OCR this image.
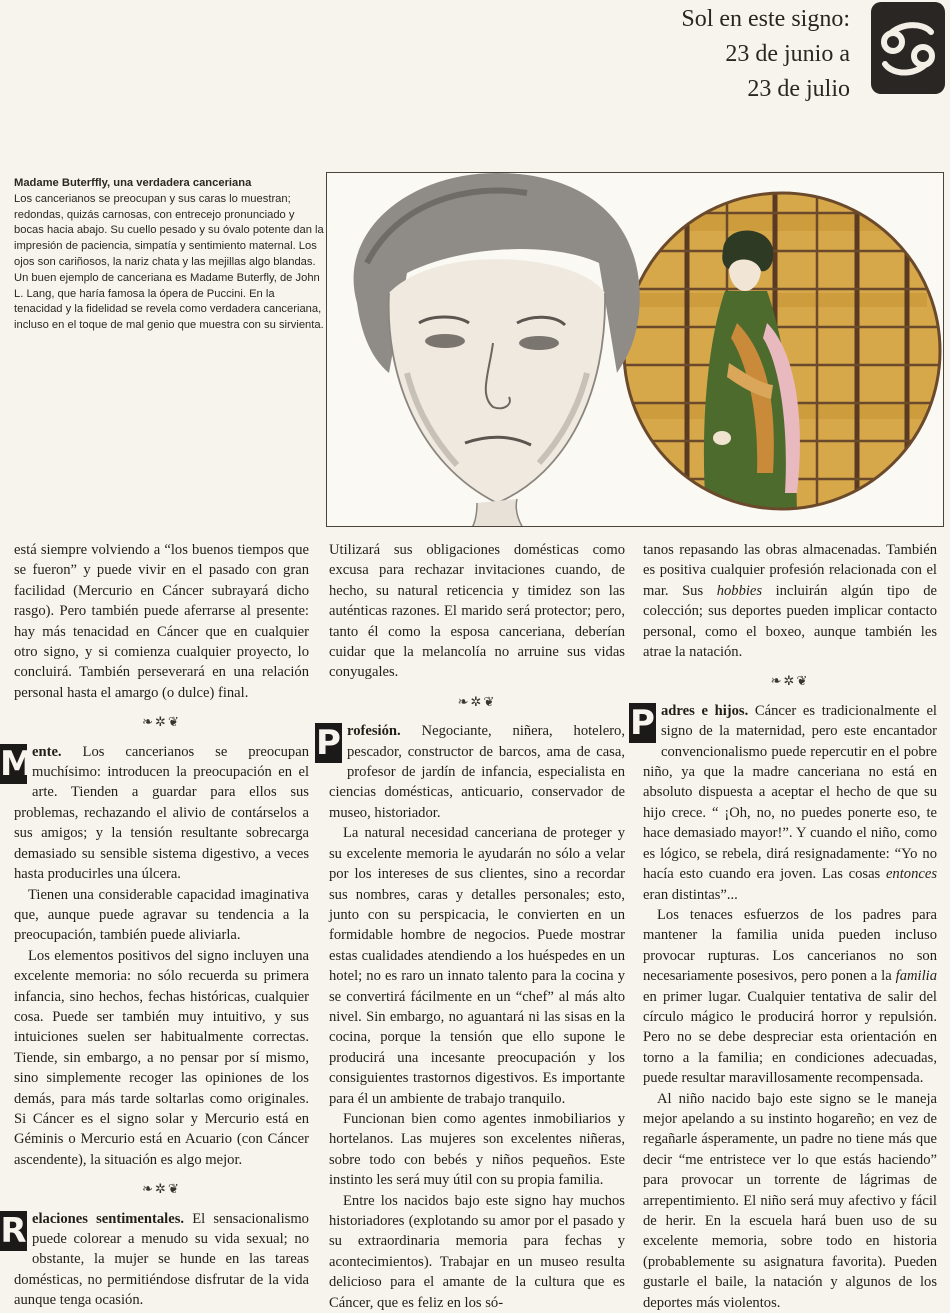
Sol en este signo:
23 de junio a
23 de julio
Madame Buterffly, una verdadera canceriana
Los cancerianos se preocupan y sus caras lo muestran; redondas, quizás carnosas, con entrecejo pronunciado y bocas hacia abajo. Su cuello pesado y su óvalo potente dan la impresión de paciencia, simpatía y sentimiento maternal. Los ojos son cariñosos, la nariz chata y las mejillas algo blandas. Un buen ejemplo de canceriana es Madame Buterfly, de John L. Lang, que haría famosa la ópera de Puccini. En la tenacidad y la fidelidad se revela como verdadera canceriana, incluso en el toque de mal genio que muestra con su sirvienta.

está siempre volviendo a “los buenos tiempos que se fueron” y puede vivir en el pasado con gran facilidad (Mercurio en Cáncer subrayará dicho rasgo). Pero también puede aferrarse al presente: hay más tenacidad en Cáncer que en cualquier otro signo, y si comienza cualquier proyecto, lo concluirá. También perseverará en una relación personal hasta el amargo (o dulce) final.

❧✲❦

M
ente. Los cancerianos se preocupan muchísimo: introducen la preocupación en el arte. Tienden a guardar para ellos sus problemas, rechazando el alivio de contárselos a sus amigos; y la tensión resultante sobrecarga demasiado su sensible sistema digestivo, a veces hasta producirles una úlcera.

Tienen una considerable capacidad imaginativa que, aunque puede agravar su tendencia a la preocupación, también puede aliviarla.

Los elementos positivos del signo incluyen una excelente memoria: no sólo recuerda su primera infancia, sino hechos, fechas históricas, cualquier cosa. Puede ser también muy intuitivo, y sus intuiciones suelen ser habitualmente correctas. Tiende, sin embargo, a no pensar por sí mismo, sino simplemente recoger las opiniones de los demás, para más tarde soltarlas como originales. Si Cáncer es el signo solar y Mercurio está en Géminis o Mercurio está en Acuario (con Cáncer ascendente), la situación es algo mejor.

❧✲❦

R elaciones sentimentales. El sensacionalismo puede colorear a menudo su vida sexual; no obstante, la mujer se hunde en las tareas domésticas, no permitiéndose disfrutar de la vida aunque tenga ocasión.

Utilizará sus obligaciones domésticas como excusa para rechazar invitaciones cuando, de hecho, su natural reticencia y timidez son las auténticas razones. El marido será protector; pero, tanto él como la esposa canceriana, deberían cuidar que la melancolía no arruine sus vidas conyugales.

❧✲❦

P rofesión. Negociante, niñera, hotelero, pescador, constructor de barcos, ama de casa, profesor de jardín de infancia, especialista en ciencias domésticas, anticuario, conservador de museo, historiador.

La natural necesidad canceriana de proteger y su excelente memoria le ayudarán no sólo a velar por los intereses de sus clientes, sino a recordar sus nombres, caras y detalles personales; esto, junto con su perspicacia, le convierten en un formidable hombre de negocios. Puede mostrar estas cualidades atendiendo a los huéspedes en un hotel; no es raro un innato talento para la cocina y se convertirá fácilmente en un “chef” al más alto nivel. Sin embargo, no aguantará ni las sisas en la cocina, porque la tensión que ello supone le producirá una incesante preocupación y los consiguientes trastornos digestivos. Es importante para él un ambiente de trabajo tranquilo.

Funcionan bien como agentes inmobiliarios y hortelanos. Las mujeres son excelentes niñeras, sobre todo con bebés y niños pequeños. Este instinto les será muy útil con su propia familia.

Entre los nacidos bajo este signo hay muchos historiadores (explotando su amor por el pasado y su extraordinaria memoria para fechas y acontecimientos). Trabajar en un museo resulta delicioso para el amante de la cultura que es Cáncer, que es feliz en los só-

tanos repasando las obras almacenadas. También es positiva cualquier profesión relacionada con el mar. Sus hobbies incluirán algún tipo de colección; sus deportes pueden implicar contacto personal, como el boxeo, aunque también les atrae la natación.

❧✲❦

P adres e hijos. Cáncer es tradicionalmente el signo de la maternidad, pero este encantador convencionalismo puede repercutir en el pobre niño, ya que la madre canceriana no está en absoluto dispuesta a aceptar el hecho de que su hijo crece. “ ¡Oh, no, no puedes ponerte eso, te hace demasiado mayor!”. Y cuando el niño, como es lógico, se rebela, dirá resignadamente: “Yo no hacía esto cuando era joven. Las cosas entonces eran distintas”...

Los tenaces esfuerzos de los padres para mantener la familia unida pueden incluso provocar rupturas. Los cancerianos no son necesariamente posesivos, pero ponen a la familia en primer lugar. Cualquier tentativa de salir del círculo mágico le producirá horror y repulsión. Pero no se debe despreciar esta orientación en torno a la familia; en condiciones adecuadas, puede resultar maravillosamente recompensada.

Al niño nacido bajo este signo se le maneja mejor apelando a su instinto hogareño; en vez de regañarle ásperamente, un padre no tiene más que decir “me entristece ver lo que estás haciendo” para provocar un torrente de lágrimas de arrepentimiento. El niño será muy afectivo y fácil de herir. En la escuela hará buen uso de su excelente memoria, sobre todo en historia (probablemente su asignatura favorita). Pueden gustarle el baile, la natación y algunos de los deportes más violentos.
